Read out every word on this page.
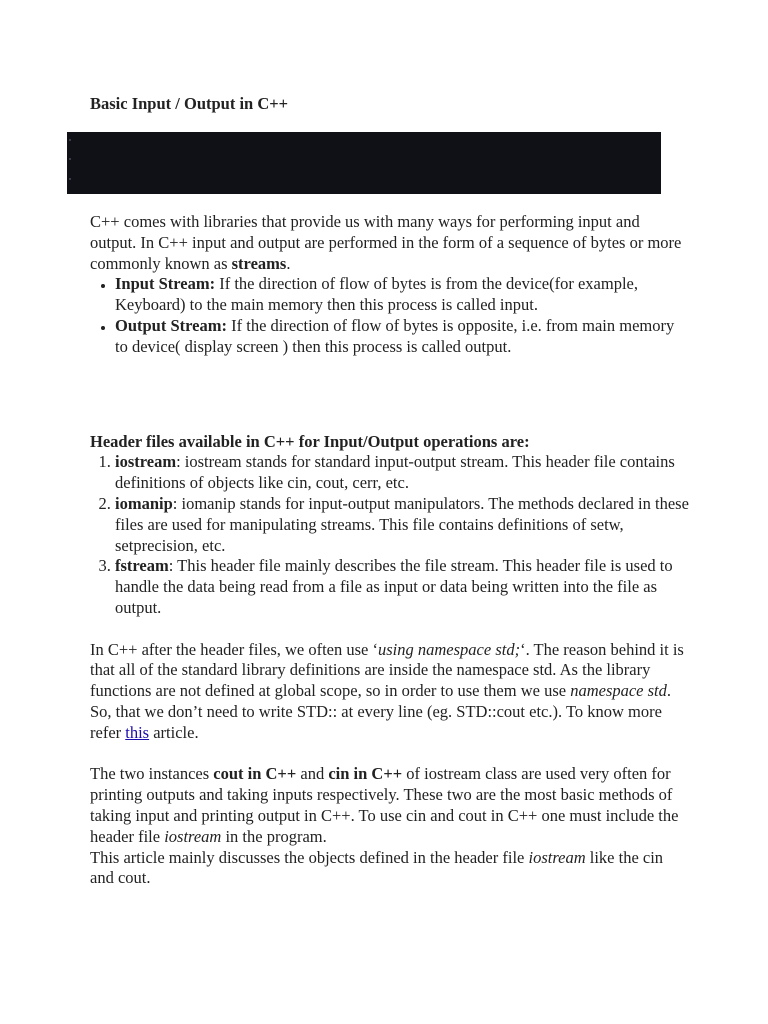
Basic Input / Output in C++

C++ comes with libraries that provide us with many ways for performing input and output. In C++ input and output are performed in the form of a sequence of bytes or more commonly known as streams.

• Input Stream: If the direction of flow of bytes is from the device(for example, Keyboard) to the main memory then this process is called input.
• Output Stream: If the direction of flow of bytes is opposite, i.e. from main memory to device( display screen ) then this process is called output.

Header files available in C++ for Input/Output operations are:

1. iostream: iostream stands for standard input-output stream. This header file contains definitions of objects like cin, cout, cerr, etc.
2. iomanip: iomanip stands for input-output manipulators. The methods declared in these files are used for manipulating streams. This file contains definitions of setw, setprecision, etc.
3. fstream: This header file mainly describes the file stream. This header file is used to handle the data being read from a file as input or data being written into the file as output.

In C++ after the header files, we often use ‘using namespace std;‘. The reason behind it is that all of the standard library definitions are inside the namespace std. As the library functions are not defined at global scope, so in order to use them we use namespace std. So, that we don’t need to write STD:: at every line (eg. STD::cout etc.). To know more refer this article.

The two instances cout in C++ and cin in C++ of iostream class are used very often for printing outputs and taking inputs respectively. These two are the most basic methods of taking input and printing output in C++. To use cin and cout in C++ one must include the header file iostream in the program.

This article mainly discusses the objects defined in the header file iostream like the cin and cout.
